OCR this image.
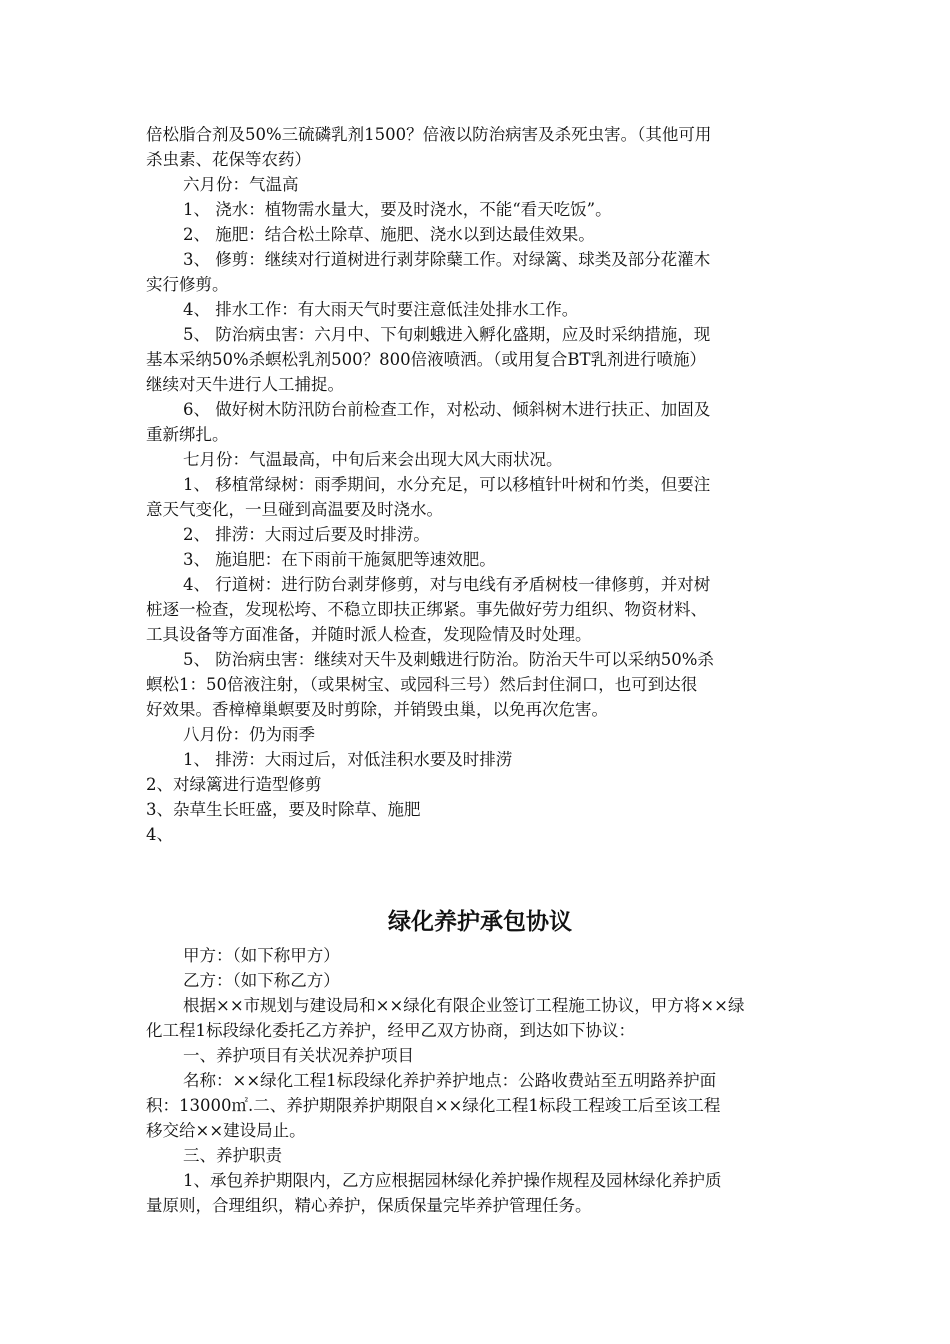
倍松脂合剂及50%三硫磷乳剂1500？倍液以防治病害及杀死虫害。（其他可用
杀虫素、花保等农药）
六月份：气温高
1、 浇水：植物需水量大，要及时浇水，不能“看天吃饭”。
2、 施肥：结合松土除草、施肥、浇水以到达最佳效果。
3、 修剪：继续对行道树进行剥芽除蘖工作。对绿篱、球类及部分花灌木
实行修剪。
4、 排水工作：有大雨天气时要注意低洼处排水工作。
5、 防治病虫害：六月中、下旬刺蛾进入孵化盛期，应及时采纳措施，现
基本采纳50%杀螟松乳剂500？800倍液喷洒。（或用复合BT乳剂进行喷施）
继续对天牛进行人工捕捉。
6、 做好树木防汛防台前检查工作，对松动、倾斜树木进行扶正、加固及
重新绑扎。
七月份：气温最高，中旬后来会出现大风大雨状况。
1、 移植常绿树：雨季期间，水分充足，可以移植针叶树和竹类，但要注
意天气变化，一旦碰到高温要及时浇水。
2、 排涝：大雨过后要及时排涝。
3、 施追肥：在下雨前干施氮肥等速效肥。
4、 行道树：进行防台剥芽修剪，对与电线有矛盾树枝一律修剪，并对树
桩逐一检查，发现松垮、不稳立即扶正绑紧。事先做好劳力组织、物资材料、
工具设备等方面准备，并随时派人检查，发现险情及时处理。
5、 防治病虫害：继续对天牛及刺蛾进行防治。防治天牛可以采纳50%杀
螟松1：50倍液注射，（或果树宝、或园科三号）然后封住洞口，也可到达很
好效果。香樟樟巢螟要及时剪除，并销毁虫巢，以免再次危害。
八月份：仍为雨季
1、 排涝：大雨过后，对低洼积水要及时排涝
2、对绿篱进行造型修剪
3、杂草生长旺盛，要及时除草、施肥
4、
绿化养护承包协议
甲方：（如下称甲方）
乙方：（如下称乙方）
根据××市规划与建设局和××绿化有限企业签订工程施工协议，甲方将××绿
化工程1标段绿化委托乙方养护，经甲乙双方协商，到达如下协议：
一、养护项目有关状况养护项目
名称：××绿化工程1标段绿化养护养护地点：公路收费站至五明路养护面
积：13000㎡.二、养护期限养护期限自××绿化工程1标段工程竣工后至该工程
移交给××建设局止。
三、养护职责
1、承包养护期限内，乙方应根据园林绿化养护操作规程及园林绿化养护质
量原则，合理组织，精心养护，保质保量完毕养护管理任务。
